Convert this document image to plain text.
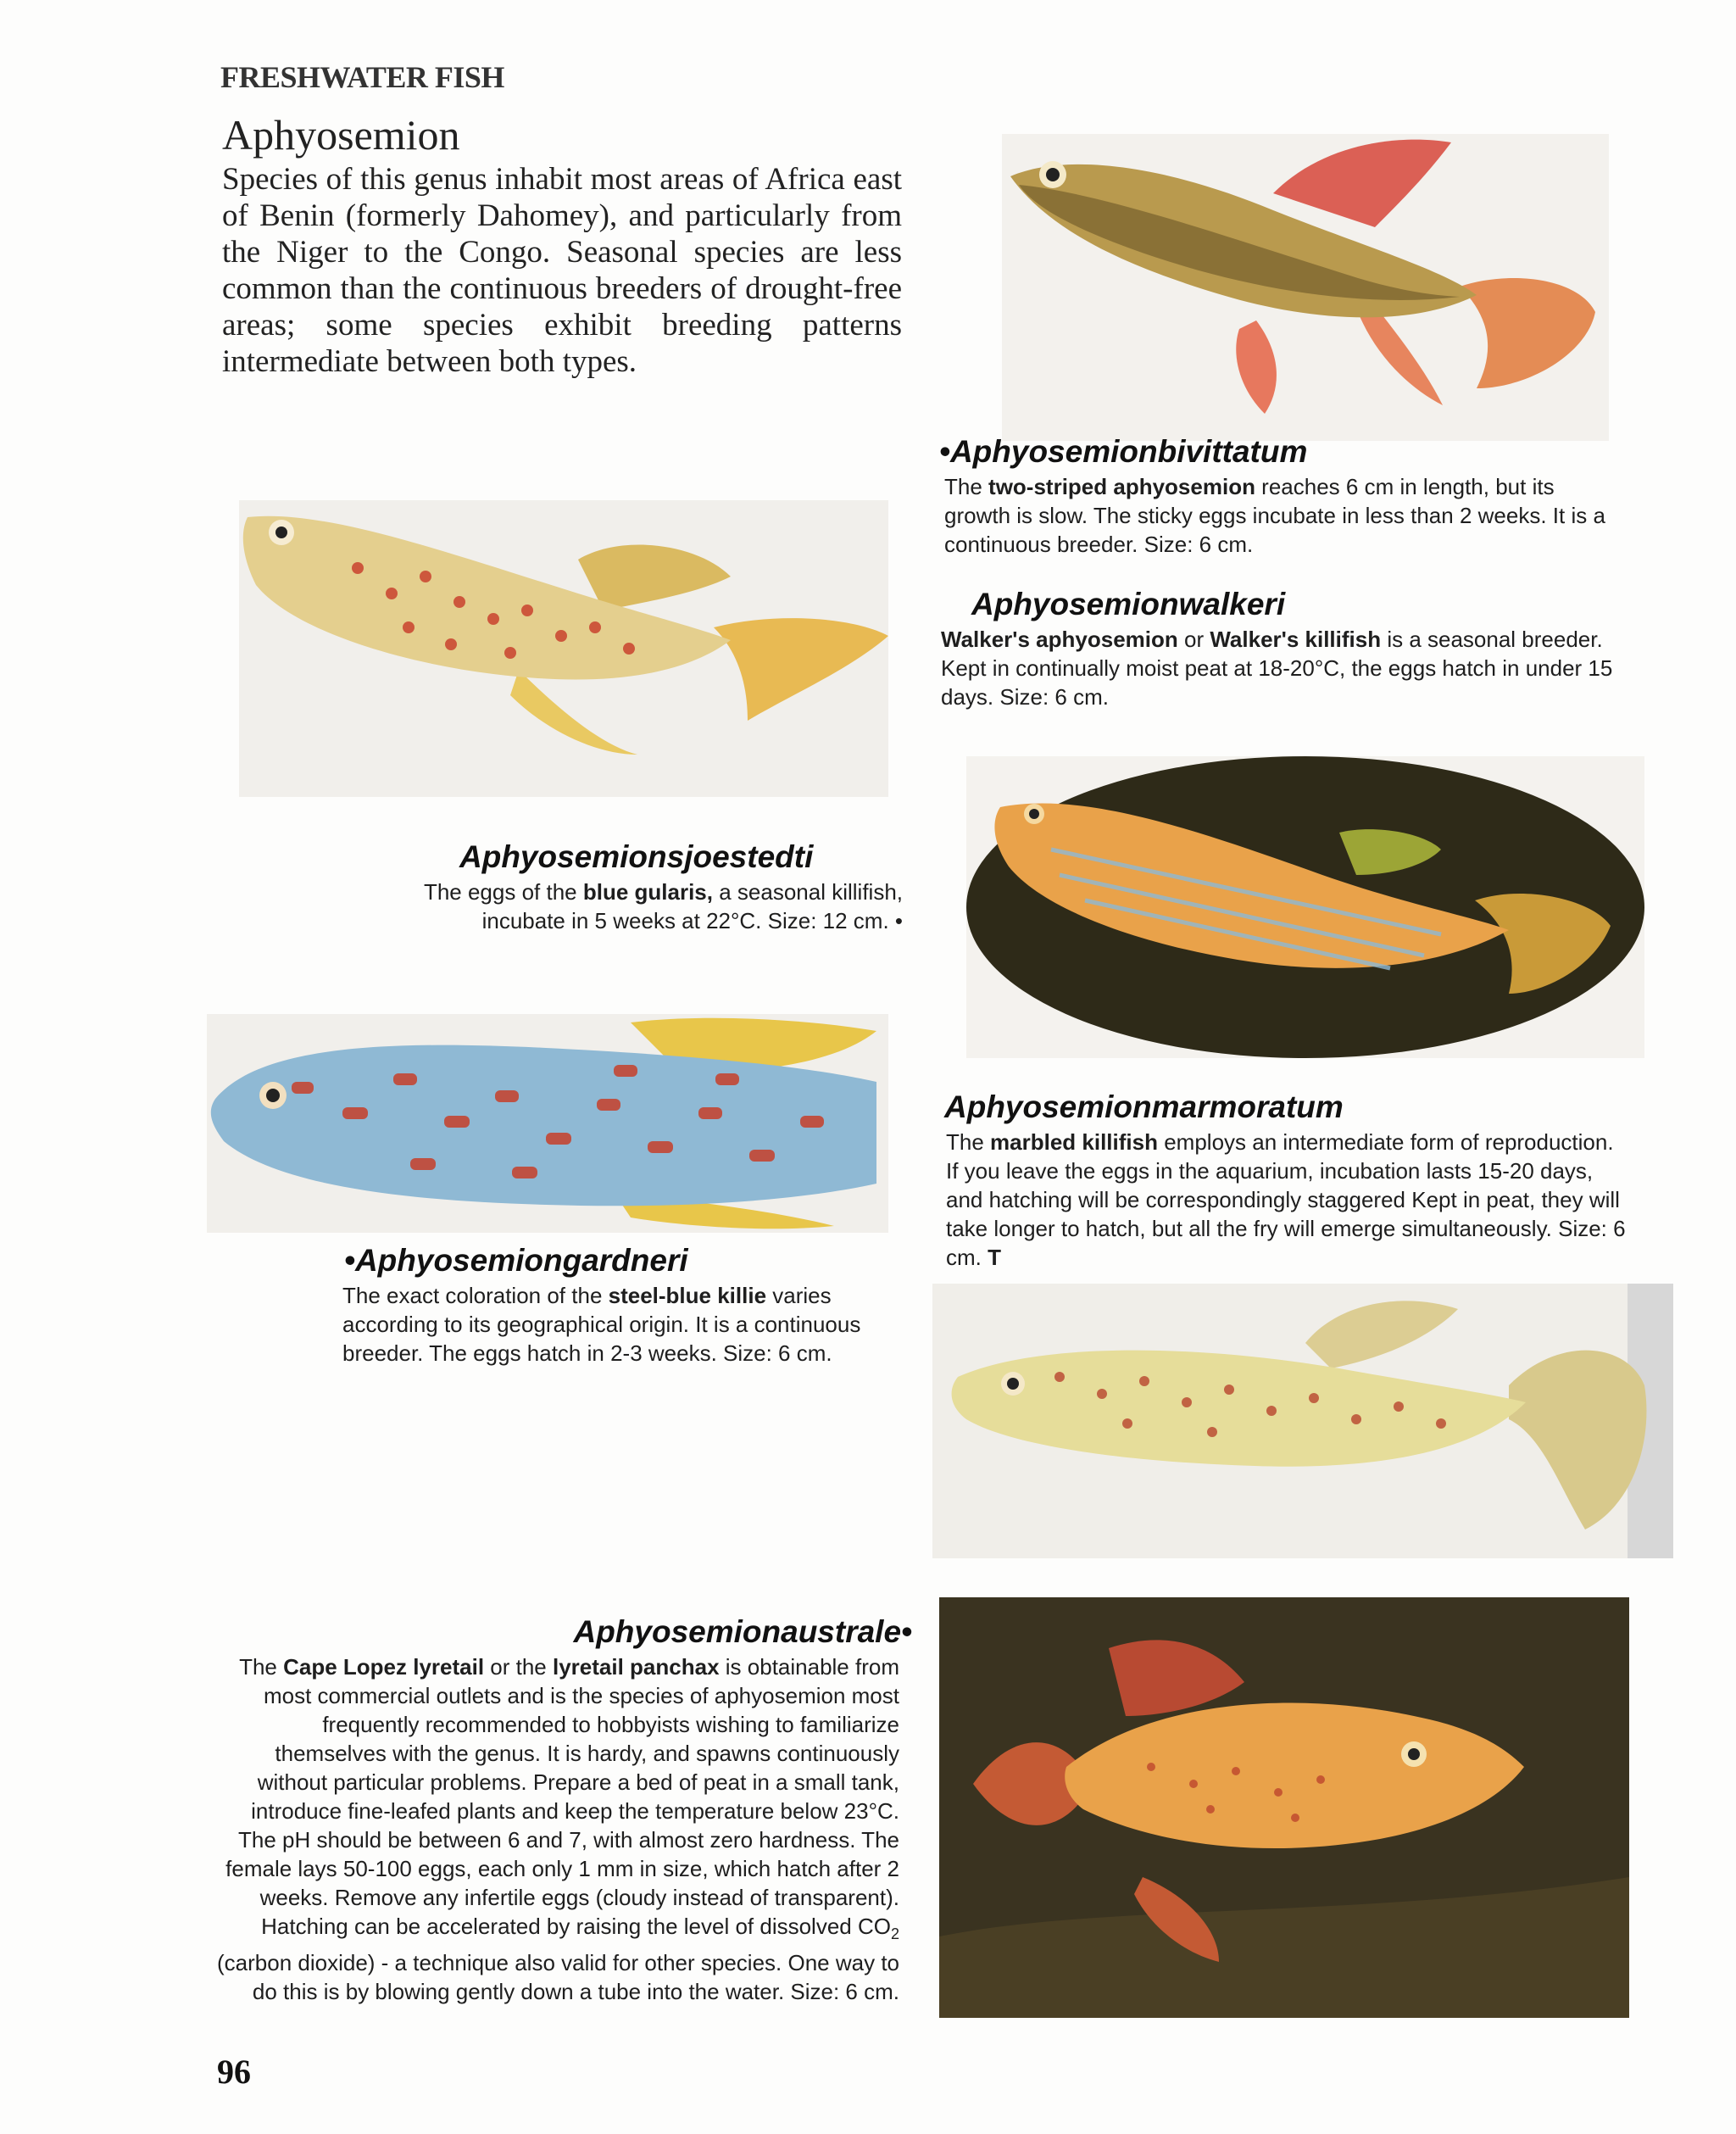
FRESHWATER FISH
Aphyosemion
Species of this genus inhabit most areas of Africa east of Benin (formerly Dahomey), and particularly from the Niger to the Congo. Seasonal species are less common than the continuous breeders of drought-free areas; some species exhibit breeding patterns intermediate between both types.
•Aphyosemionbivittatum
The two-striped aphyosemion reaches 6 cm in length, but its growth is slow. The sticky eggs incubate in less than 2 weeks. It is a continuous breeder. Size: 6 cm.
Aphyosemionwalkeri
Walker's aphyosemion or Walker's killifish is a seasonal breeder. Kept in continually moist peat at 18-20°C, the eggs hatch in under 15 days. Size: 6 cm.
Aphyosemionsjoestedti
The eggs of the blue gularis, a seasonal killifish, incubate in 5 weeks at 22°C. Size: 12 cm. •
Aphyosemionmarmoratum
The marbled killifish employs an intermediate form of reproduction. If you leave the eggs in the aquarium, incubation lasts 15-20 days, and hatching will be correspondingly staggered Kept in peat, they will take longer to hatch, but all the fry will emerge simultaneously. Size: 6 cm. T
•Aphyosemiongardneri
The exact coloration of the steel-blue killie varies according to its geographical origin. It is a continuous breeder. The eggs hatch in 2-3 weeks. Size: 6 cm.
Aphyosemionaustrale•
The Cape Lopez lyretail or the lyretail panchax is obtainable from most commercial outlets and is the species of aphyosemion most frequently recommended to hobbyists wishing to familiarize themselves with the genus. It is hardy, and spawns continuously without particular problems. Prepare a bed of peat in a small tank, introduce fine-leafed plants and keep the temperature below 23°C. The pH should be between 6 and 7, with almost zero hardness. The female lays 50-100 eggs, each only 1 mm in size, which hatch after 2 weeks. Remove any infertile eggs (cloudy instead of transparent). Hatching can be accelerated by raising the level of dissolved $CO_2$ (carbon dioxide) - a technique also valid for other species. One way to do this is by blowing gently down a tube into the water. Size: 6 cm.
96
